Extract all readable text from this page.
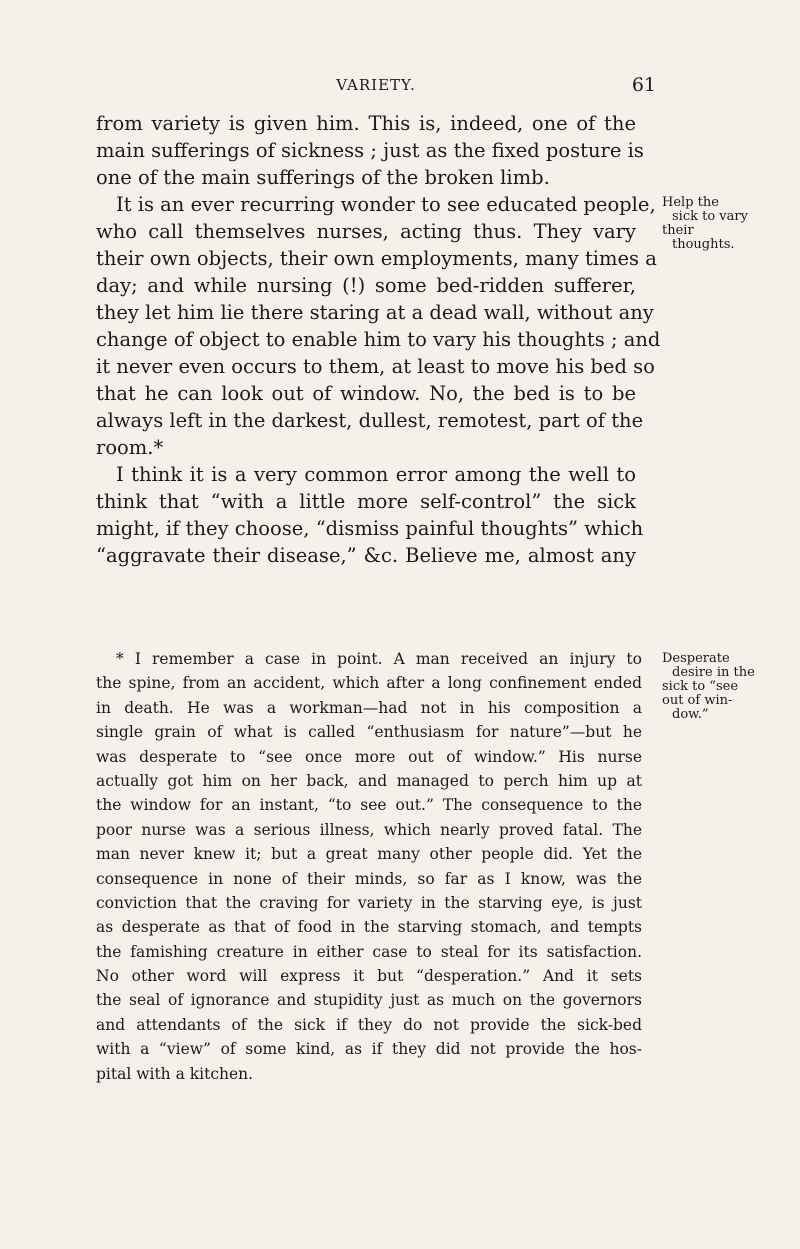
VARIETY.	61
from variety is given him. This is, indeed, one of the
main sufferings of sickness ; just as the fixed posture is
one of the main sufferings of the broken limb.
It is an ever recurring wonder to see educated people,
who call themselves nurses, acting thus. They vary
their own objects, their own employments, many times a
day; and while nursing (!) some bed-ridden sufferer,
they let him lie there staring at a dead wall, without any
change of object to enable him to vary his thoughts ; and
it never even occurs to them, at least to move his bed so
that he can look out of window. No, the bed is to be
always left in the darkest, dullest, remotest, part of the
room.*
I think it is a very common error among the well to
think that “with a little more self-control” the sick
might, if they choose, “dismiss painful thoughts” which
“aggravate their disease,” &c. Believe me, almost any
Help the
sick to vary
their
thoughts.
* I remember a case in point. A man received an injury to
the spine, from an accident, which after a long confinement ended
in death. He was a workman—had not in his composition a
single grain of what is called “enthusiasm for nature”—but he
was desperate to “see once more out of window.” His nurse
actually got him on her back, and managed to perch him up at
the window for an instant, “to see out.” The consequence to the
poor nurse was a serious illness, which nearly proved fatal. The
man never knew it; but a great many other people did. Yet the
consequence in none of their minds, so far as I know, was the
conviction that the craving for variety in the starving eye, is just
as desperate as that of food in the starving stomach, and tempts
the famishing creature in either case to steal for its satisfaction.
No other word will express it but “desperation.” And it sets
the seal of ignorance and stupidity just as much on the governors
and attendants of the sick if they do not provide the sick-bed
with a “view” of some kind, as if they did not provide the hos-
pital with a kitchen.
Desperate
desire in the
sick to “see
out of win-
dow.”
